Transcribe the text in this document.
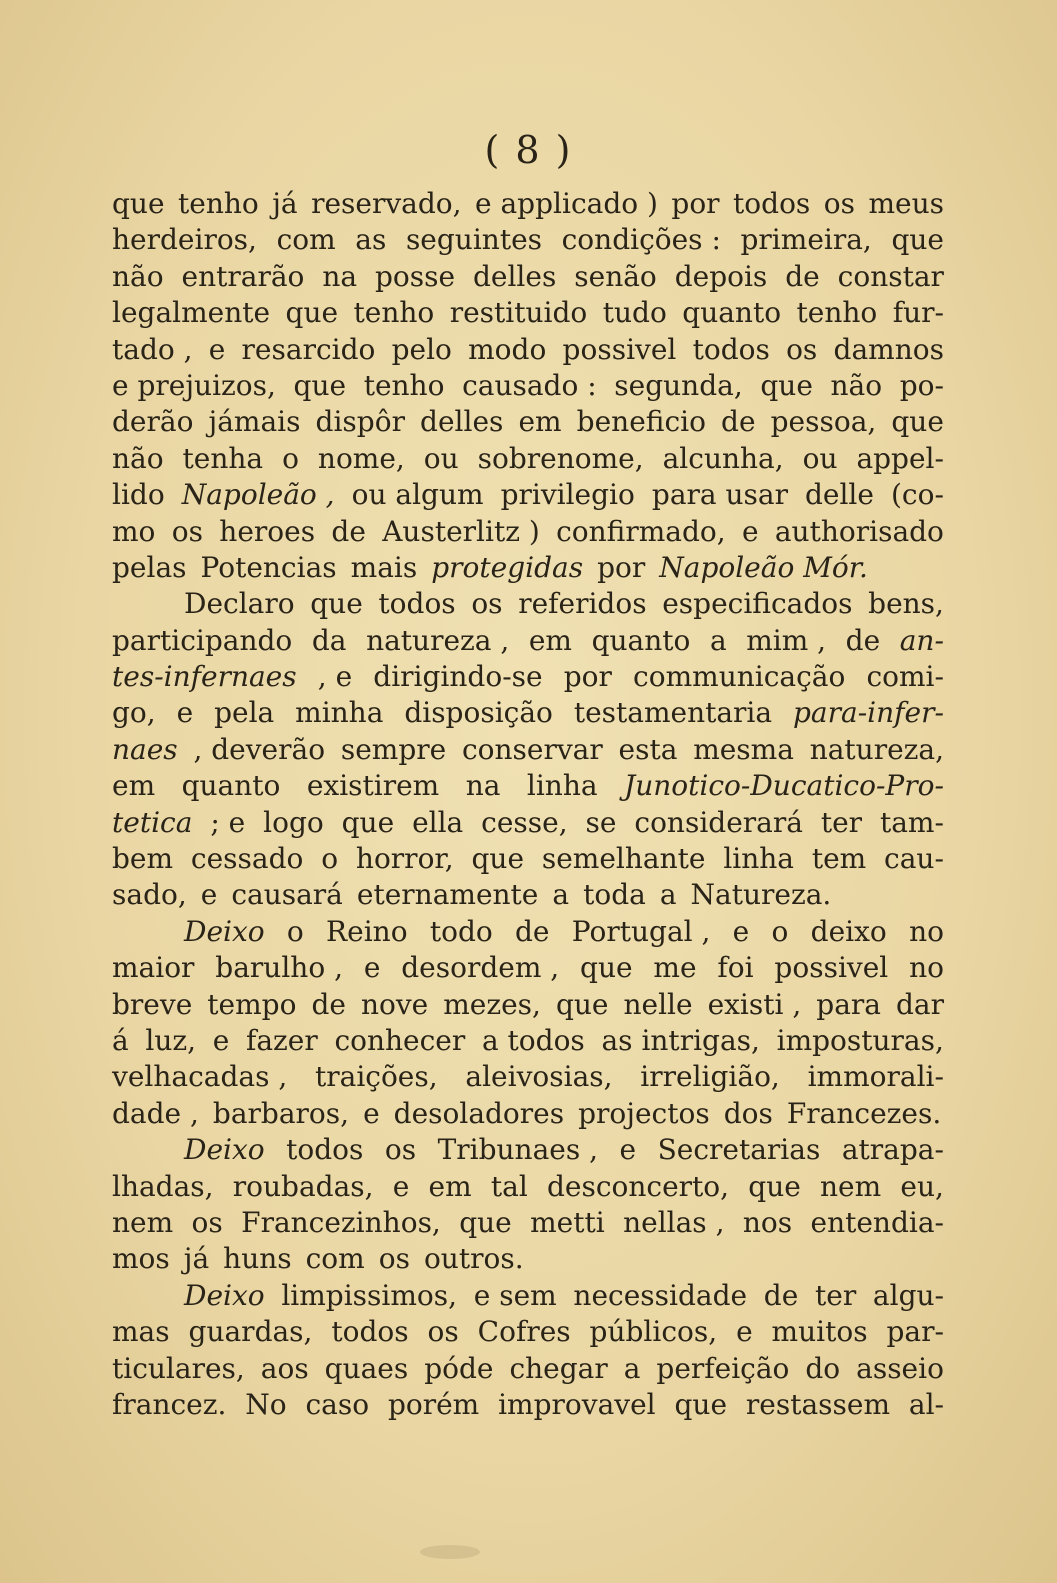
( 8 )
que tenho já reservado, e applicado ) por todos os meus
herdeiros, com as seguintes condições : primeira, que
não entrarão na posse delles senão depois de constar
legalmente que tenho restituido tudo quanto tenho fur-
tado , e resarcido pelo modo possivel todos os damnos
e prejuizos, que tenho causado : segunda, que não po-
derão jámais dispôr delles em beneficio de pessoa, que
não tenha o nome, ou sobrenome, alcunha, ou appel-
lido Napoleão , ou algum privilegio para usar delle (co-
mo os heroes de Austerlitz ) confirmado, e authorisado
pelas Potencias mais protegidas por Napoleão Mór.
Declaro que todos os referidos especificados bens,
participando da natureza , em quanto a mim , de an-
tes-infernaes , e dirigindo-se por communicação comi-
go, e pela minha disposição testamentaria para-infer-
naes , deverão sempre conservar esta mesma natureza,
em quanto existirem na linha Junotico-Ducatico-Pro-
tetica ; e logo que ella cesse, se considerará ter tam-
bem cessado o horror, que semelhante linha tem cau-
sado, e causará eternamente a toda a Natureza.
Deixo o Reino todo de Portugal , e o deixo no
maior barulho , e desordem , que me foi possivel no
breve tempo de nove mezes, que nelle existi , para dar
á luz, e fazer conhecer a todos as intrigas, imposturas,
velhacadas , traições, aleivosias, irreligião, immorali-
dade , barbaros, e desoladores projectos dos Francezes.
Deixo todos os Tribunaes , e Secretarias atrapa-
lhadas, roubadas, e em tal desconcerto, que nem eu,
nem os Francezinhos, que metti nellas , nos entendia-
mos já huns com os outros.
Deixo limpissimos, e sem necessidade de ter algu-
mas guardas, todos os Cofres públicos, e muitos par-
ticulares, aos quaes póde chegar a perfeição do asseio
francez. No caso porém improvavel que restassem al-
